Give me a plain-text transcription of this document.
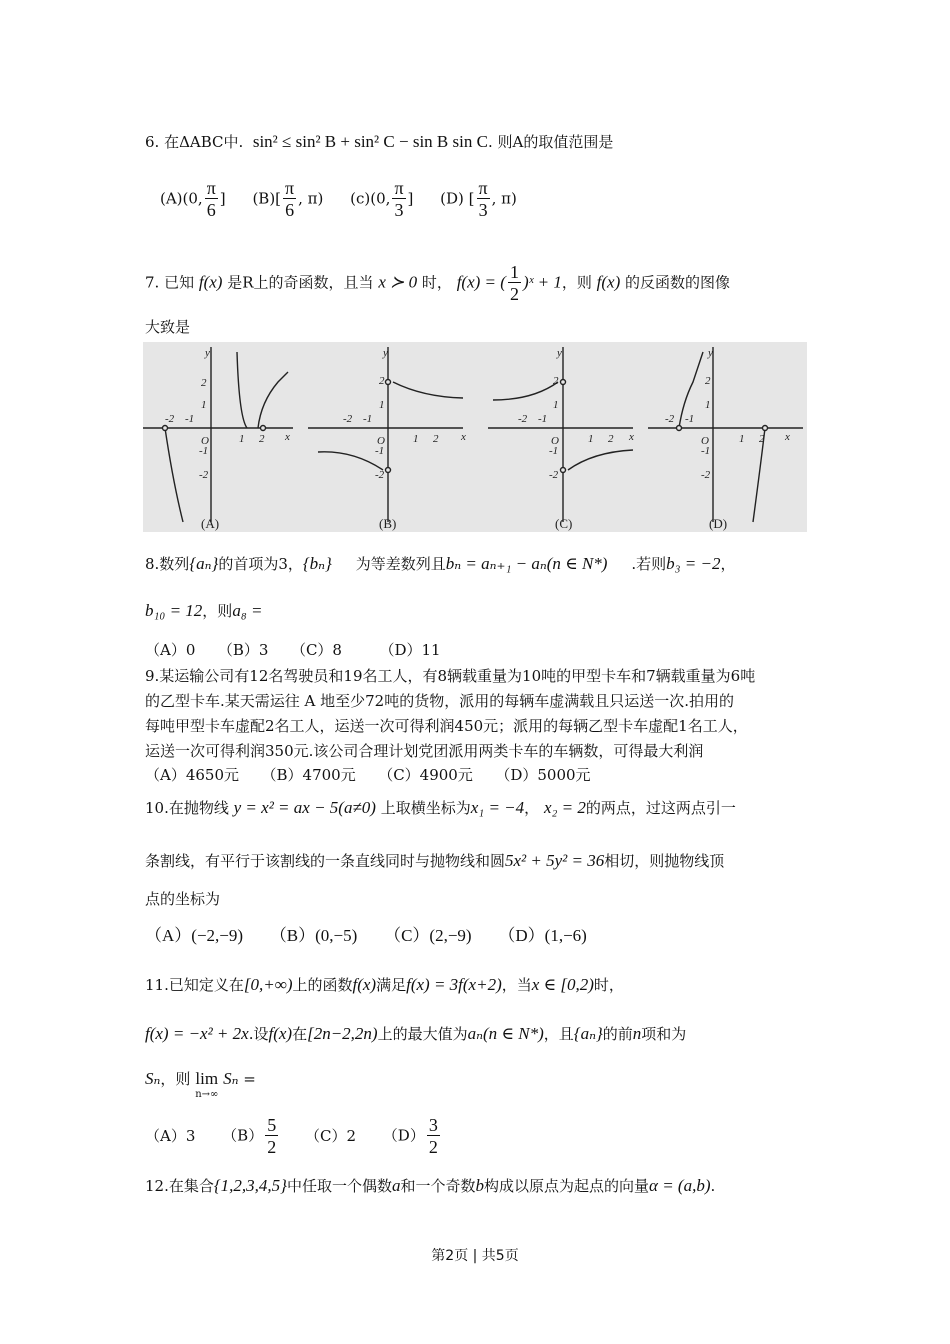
6. 在ΔABC中. sin² ≤ sin² B + sin² C − sin B sin C. 则A的取值范围是
(A)(0, $\frac{\pi}{6}$ ] $(B)[ \frac{\pi}{6}$ , π) (c)(0, $\frac{\pi}{3}$ ] (D) [ $\frac{\pi}{3}$ , π)
7. 已知 f(x) 是R上的奇函数，且当 x ≻ 0 时， f(x) = ( $\frac{1}{2}$ )ˣ + 1，则 f(x) 的反函数的图像
大致是
y
2
1
-1
-2
-2 -1
1 2 x
O
(A)
y
2
1
-1
-2
-2 -1
1 2 x
O
(B)
y
2
1
-1
-2
-2 -1
1 2 x
O
(C)
y
2
1
-1
-2
-2 -1
1 2 x
O
(D)
8.数列{aₙ}的首项为3，{bₙ} 为等差数列且bₙ = aₙ₊₁ − aₙ(n ∈ N*) .若则b₃ = −2，
b₁₀ = 12，则a₈ =
（A）0　　（B）3　　（C）8　　　（D）11
9.某运输公司有12名驾驶员和19名工人，有8辆载重量为10吨的甲型卡车和7辆载重量为6吨
的乙型卡车.某天需运往 A 地至少72吨的货物，派用的每辆车虚满载且只运送一次.拍用的
每吨甲型卡车虚配2名工人，运送一次可得利润450元；派用的每辆乙型卡车虚配1名工人，
运送一次可得利润350元.该公司合理计划党团派用两类卡车的车辆数，可得最大利润
（A）4650元　　（B）4700元　　（C）4900元　　（D）5000元
10.在抛物线 y = x² = ax − 5(a≠0) 上取横坐标为x₁ = −4， x₂ = 2的两点，过这两点引一
条割线，有平行于该割线的一条直线同时与抛物线和圆5x² + 5y² = 36相切，则抛物线顶
点的坐标为
（A）(−2,−9) （B）(0,−5) （C）(2,−9) （D）(1,−6)
11.已知定义在[0,+∞)上的函数f(x)满足f(x) = 3f(x+2)，当x ∈ [0,2)时，
f(x) = −x² + 2x.设f(x)在[2n−2,2n)上的最大值为aₙ(n ∈ N*)，且{aₙ}的前n项和为
Sₙ，则 lim
n→∞
Sₙ =
（A）3 $(B) \frac{5}{2} (C)2$ $(D) \frac{3}{2}$
12.在集合{1,2,3,4,5}中任取一个偶数a和一个奇数b构成以原点为起点的向量α = (a,b).
第2页 | 共5页
